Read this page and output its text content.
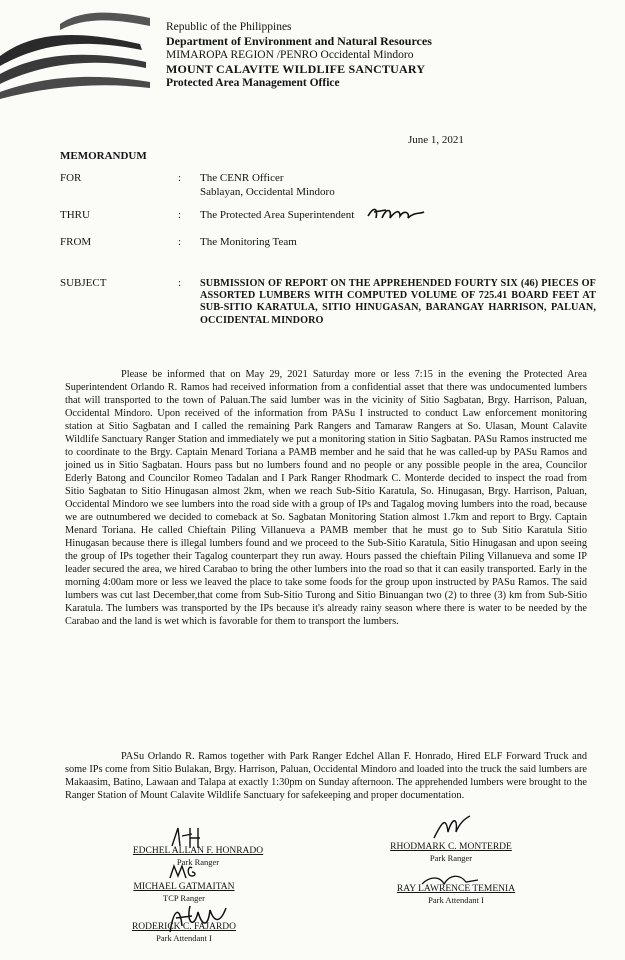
Republic of the Philippines
Department of Environment and Natural Resources
MIMAROPA REGION /PENRO Occidental Mindoro
MOUNT CALAVITE WILDLIFE SANCTUARY
Protected Area Management Office
June 1, 2021
MEMORANDUM
FOR	: The CENR Officer
Sablayan, Occidental Mindoro
THRU	: The Protected Area Superintendent
FROM	: The Monitoring Team
SUBJECT	: SUBMISSION OF REPORT ON THE APPREHENDED FOURTY SIX (46) PIECES OF ASSORTED LUMBERS WITH COMPUTED VOLUME OF 725.41 BOARD FEET AT SUB-SITIO KARATULA, SITIO HINUGASAN, BARANGAY HARRISON, PALUAN, OCCIDENTAL MINDORO

Please be informed that on May 29, 2021 Saturday more or less 7:15 in the evening the Protected Area Superintendent Orlando R. Ramos had received information from a confidential asset that there was undocumented lumbers that will transported to the town of Paluan.The said lumber was in the vicinity of Sitio Sagbatan, Brgy. Harrison, Paluan, Occidental Mindoro. Upon received of the information from PASu I instructed to conduct Law enforcement monitoring station at Sitio Sagbatan and I called the remaining Park Rangers and Tamaraw Rangers at So. Ulasan, Mount Calavite Wildlife Sanctuary Ranger Station and immediately we put a monitoring station in Sitio Sagbatan. PASu Ramos instructed me to coordinate to the Brgy. Captain Menard Toriana a PAMB member and he said that he was called-up by PASu Ramos and joined us in Sitio Sagbatan. Hours pass but no lumbers found and no people or any possible people in the area, Councilor Ederly Batong and Councilor Romeo Tadalan and I Park Ranger Rhodmark C. Monterde decided to inspect the road from Sitio Sagbatan to Sitio Hinugasan almost 2km, when we reach Sub-Sitio Karatula, So. Hinugasan, Brgy. Harrison, Paluan, Occidental Mindoro we see lumbers into the road side with a group of IPs and Tagalog moving lumbers into the road, because we are outnumbered we decided to comeback at So. Sagbatan Monitoring Station almost 1.7km and report to Brgy. Captain Menard Toriana. He called Chieftain Piling Villanueva a PAMB member that he must go to Sub Sitio Karatula Sitio Hinugasan because there is illegal lumbers found and we proceed to the Sub-Sitio Karatula, Sitio Hinugasan and upon seeing the group of IPs together their Tagalog counterpart they run away. Hours passed the chieftain Piling Villanueva and some IP leader secured the area, we hired Carabao to bring the other lumbers into the road so that it can easily transported. Early in the morning 4:00am more or less we leaved the place to take some foods for the group upon instructed by PASu Ramos. The said lumbers was cut last December,that come from Sub-Sitio Turong and Sitio Binuangan two (2) to three (3) km from Sub-Sitio Karatula. The lumbers was transported by the IPs because it's already rainy season where there is water to be needed by the Carabao and the land is wet which is favorable for them to transport the lumbers.

PASu Orlando R. Ramos together with Park Ranger Edchel Allan F. Honrado, Hired ELF Forward Truck and some IPs come from Sitio Bulakan, Brgy. Harrison, Paluan, Occidental Mindoro and loaded into the truck the said lumbers are Makaasim, Batino, Lawaan and Talapa at exactly 1:30pm on Sunday afternoon. The apprehended lumbers were brought to the Ranger Station of Mount Calavite Wildlife Sanctuary for safekeeping and proper documentation.

EDCHEL ALLAN F. HONRADO
Park Ranger
RHODMARK C. MONTERDE
Park Ranger
MICHAEL GATMAITAN
TCP Ranger
RAY LAWRENCE TEMENIA
Park Attendant I
RODERICK C. FAJARDO
Park Attendant I
